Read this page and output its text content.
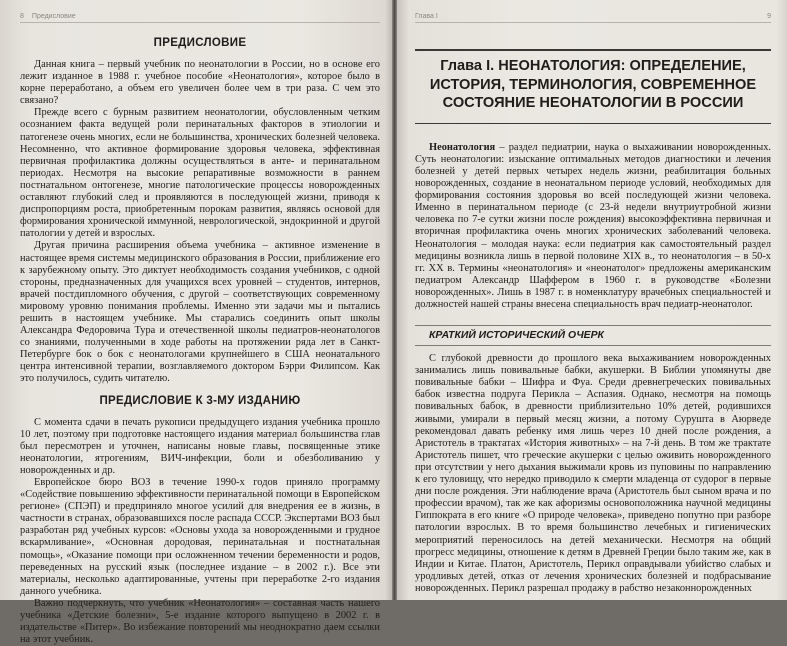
8 Предисловие
ПРЕДИСЛОВИЕ

Данная книга – первый учебник по неонатологии в России, но в основе его лежит изданное в 1988 г. учебное пособие «Неонатология», которое было в корне переработано, а объем его увеличен более чем в три раза. С чем это связано?

Прежде всего с бурным развитием неонатологии, обусловленным четким осознанием факта ведущей роли перинатальных факторов в этиологии и патогенезе очень многих, если не большинства, хронических болезней человека. Несомненно, что активное формирование здоровья человека, эффективная первичная профилактика должны осуществляться в анте- и перинатальном периодах. Несмотря на высокие репаративные возможности в раннем постнатальном онтогенезе, многие патологические процессы новорожденных оставляют глубокий след и проявляются в последующей жизни, приводя к диспропорциям роста, приобретенным порокам развития, являясь основой для формирования хронической иммунной, неврологической, эндокринной и другой патологии у детей и взрослых.

Другая причина расширения объема учебника – активное изменение в настоящее время системы медицинского образования в России, приближение его к зарубежному опыту. Это диктует необходимость создания учебников, с одной стороны, предназначенных для учащихся всех уровней – студентов, интернов, врачей постдипломного обучения, с другой – соответствующих современному мировому уровню понимания проблемы. Именно эти задачи мы и пытались решить в настоящем учебнике. Мы старались соединить опыт школы Александра Федоровича Тура и отечественной школы педиатров-неонатологов со знаниями, полученными в ходе работы на протяжении ряда лет в Санкт-Петербурге бок о бок с неонатологами крупнейшего в США неонатального центра интенсивной терапии, возглавляемого доктором Бэрри Филипсом. Как это получилось, судить читателю.

ПРЕДИСЛОВИЕ К 3-МУ ИЗДАНИЮ

С момента сдачи в печать рукописи предыдущего издания учебника прошло 10 лет, поэтому при подготовке настоящего издания материал большинства глав был пересмотрен и уточнен, написаны новые главы, посвященные этике неонатологии, ятрогениям, ВИЧ-инфекции, боли и обезболиванию у новорожденных и др.

Европейское бюро ВОЗ в течение 1990-х годов приняло программу «Содействие повышению эффективности перинатальной помощи в Европейском регионе» (СПЭП) и предприняло многое усилий для внедрения ее в жизнь, в частности в странах, образовавшихся после распада СССР. Экспертами ВОЗ был разработан ряд учебных курсов: «Основы ухода за новорожденными и грудное вскармливание», «Основная дородовая, перинатальная и постнатальная помощь», «Оказание помощи при осложненном течении беременности и родов, переведенных на русский язык (последнее издание – в 2002 г.). Все эти материалы, несколько адаптированные, учтены при переработке 2-го издания данного учебника.

Важно подчеркнуть, что учебник «Неонатология» – составная часть нашего учебника «Детские болезни», 5-е издание которого выпущено в 2002 г. в издательстве «Питер». Во избежание повторений мы неоднократно даем ссылки на этот учебник.

Глава I	9
Глава I. НЕОНАТОЛОГИЯ: ОПРЕДЕЛЕНИЕ, ИСТОРИЯ, ТЕРМИНОЛОГИЯ, СОВРЕМЕННОЕ СОСТОЯНИЕ НЕОНАТОЛОГИИ В РОССИИ

Неонатология – раздел педиатрии, наука о выхаживании новорожденных. Суть неонатологии: изыскание оптимальных методов диагностики и лечения болезней у детей первых четырех недель жизни, реабилитация больных новорожденных, создание в неонатальном периоде условий, необходимых для формирования состояния здоровья во всей последующей жизни человека. Именно в перинатальном периоде (с 23-й недели внутриутробной жизни человека по 7-е сутки жизни после рождения) высокоэффективна первичная и вторичная профилактика очень многих хронических заболеваний человека. Неонатология – молодая наука: если педиатрия как самостоятельный раздел медицины возникла лишь в первой половине XIX в., то неонатология – в 50-х гг. XX в. Термины «неонатология» и «неонатолог» предложены американским педиатром Александр Шаффером в 1960 г. в руководстве «Болезни новорожденных». Лишь в 1987 г. в номенклатуру врачебных специальностей и должностей нашей страны внесена специальность врач педиатр-неонатолог.

КРАТКИЙ ИСТОРИЧЕСКИЙ ОЧЕРК

С глубокой древности до прошлого века выхаживанием новорожденных занимались лишь повивальные бабки, акушерки. В Библии упомянуты две повивальные бабки – Шифра и Фуа. Среди древнегреческих повивальных бабок известна подруга Перикла – Аспазия. Однако, несмотря на помощь повивальных бабок, в древности приблизительно 10% детей, родившихся живыми, умирали в первый месяц жизни, а потому Сурушта в Аюрведе рекомендовал давать ребенку имя лишь через 10 дней после рождения, а Аристотель в трактатах «История животных» – на 7-й день. В том же трактате Аристотель пишет, что греческие акушерки с целью оживить новорожденного при отсутствии у него дыхания выжимали кровь из пуповины по направлению к его туловищу, что нередко приводило к смерти младенца от судорог в первые дни после рождения. Эти наблюдение врача (Аристотель был сыном врача и по профессии врачом), так же как афоризмы основоположника научной медицины Гиппократа в его книге «О природе человека», приведено попутно при разборе патологии взрослых. В то время большинство лечебных и гигиенических мероприятий переносилось на детей механически. Несмотря на общий прогресс медицины, отношение к детям в Древней Греции было таким же, как в Индии и Китае. Платон, Аристотель, Перикл оправдывали убийство слабых и уродливых детей, отказ от лечения хронических болезней и подбрасывание новорожденных. Перикл разрешал продажу в рабство незаконнорожденных
